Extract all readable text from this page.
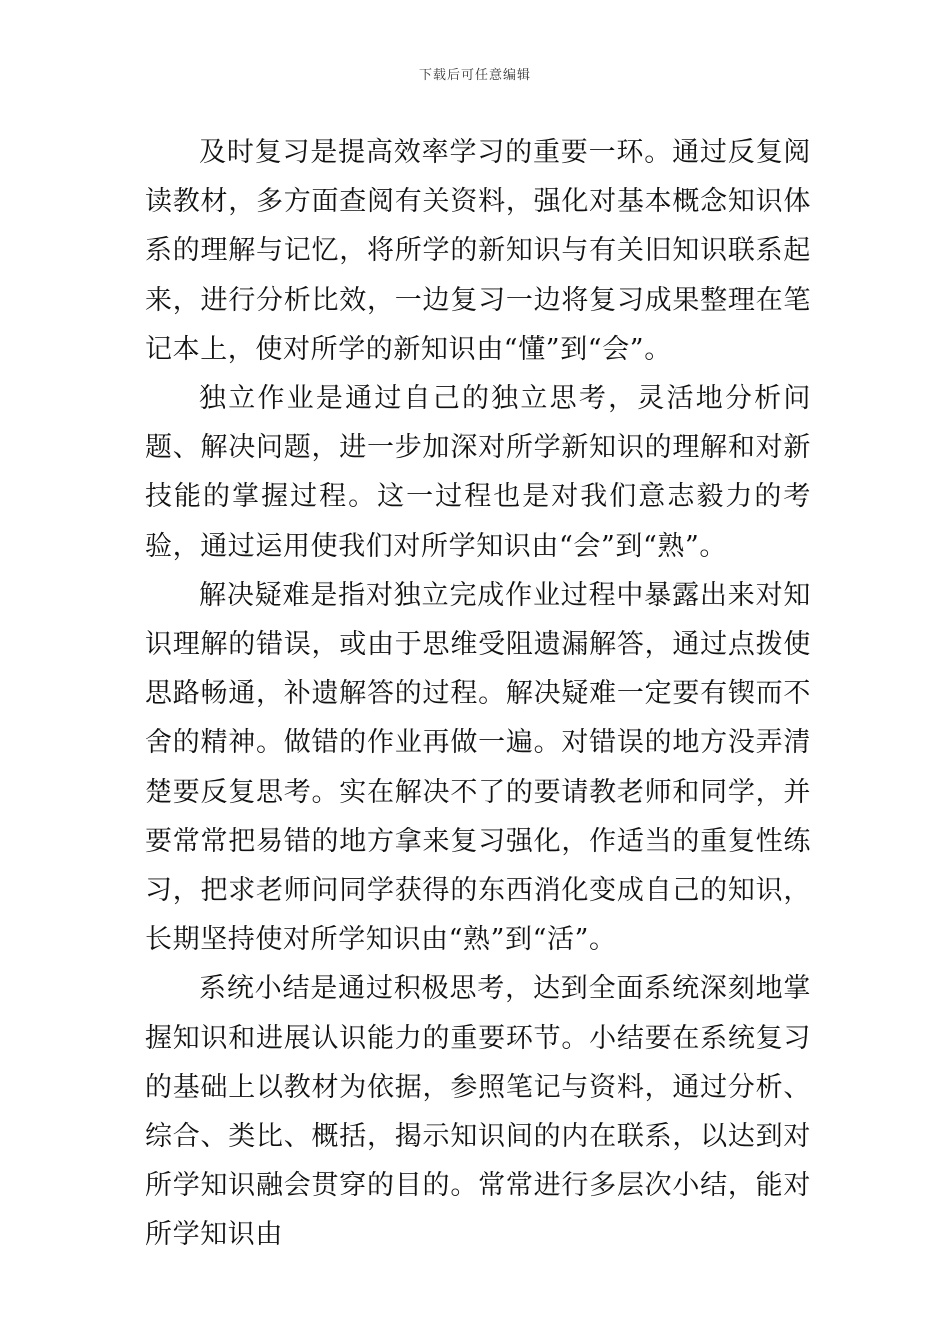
下载后可任意编辑

及时复习是提高效率学习的重要一环。通过反复阅读教材，多方面查阅有关资料，强化对基本概念知识体系的理解与记忆，将所学的新知识与有关旧知识联系起来，进行分析比效，一边复习一边将复习成果整理在笔记本上，使对所学的新知识由“懂”到“会”。

独立作业是通过自己的独立思考，灵活地分析问题、解决问题，进一步加深对所学新知识的理解和对新技能的掌握过程。这一过程也是对我们意志毅力的考验，通过运用使我们对所学知识由“会”到“熟”。

解决疑难是指对独立完成作业过程中暴露出来对知识理解的错误，或由于思维受阻遗漏解答，通过点拨使思路畅通，补遗解答的过程。解决疑难一定要有锲而不舍的精神。做错的作业再做一遍。对错误的地方没弄清楚要反复思考。实在解决不了的要请教老师和同学，并要常常把易错的地方拿来复习强化，作适当的重复性练习，把求老师问同学获得的东西消化变成自己的知识，长期坚持使对所学知识由“熟”到“活”。

系统小结是通过积极思考，达到全面系统深刻地掌握知识和进展认识能力的重要环节。小结要在系统复习的基础上以教材为依据，参照笔记与资料，通过分析、综合、类比、概括，揭示知识间的内在联系，以达到对所学知识融会贯穿的目的。常常进行多层次小结，能对所学知识由
